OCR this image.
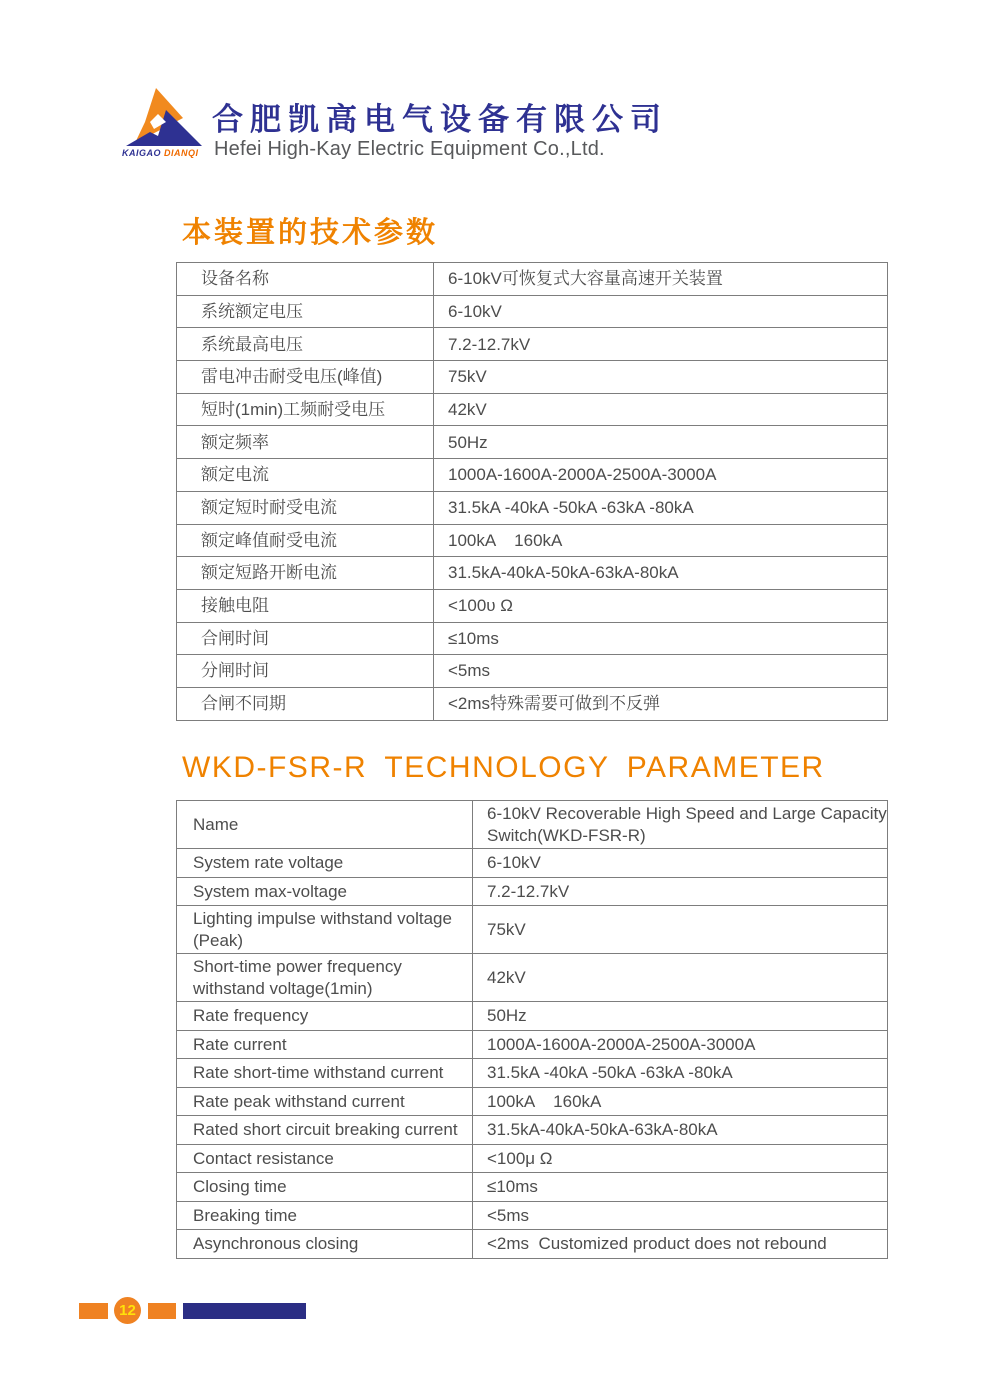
KAIGAO DIANQI
合肥凯高电气设备有限公司
Hefei High-Kay Electric Equipment Co.,Ltd.
本装置的技术参数
设备名称	6-10kV可恢复式大容量高速开关装置
系统额定电压	6-10kV
系统最高电压	7.2-12.7kV
雷电冲击耐受电压(峰值)	75kV
短时(1min)工频耐受电压	42kV
额定频率	50Hz
额定电流	1000A-1600A-2000A-2500A-3000A
额定短时耐受电流	31.5kA -40kA -50kA -63kA -80kA
额定峰值耐受电流	100kA    160kA
额定短路开断电流	31.5kA-40kA-50kA-63kA-80kA
接触电阻	<100υ Ω
合闸时间	≤10ms
分闸时间	<5ms
合闸不同期	<2ms特殊需要可做到不反弹
WKD-FSR-R TECHNOLOGY PARAMETER
Name	6-10kV Recoverable High Speed and Large Capacity Switch(WKD-FSR-R)
System rate voltage	6-10kV
System max-voltage	7.2-12.7kV
Lighting impulse withstand voltage (Peak)	75kV
Short-time power frequency withstand voltage(1min)	42kV
Rate frequency	50Hz
Rate current	1000A-1600A-2000A-2500A-3000A
Rate short-time withstand current	31.5kA -40kA -50kA -63kA -80kA
Rate peak withstand current	100kA    160kA
Rated short circuit breaking current	31.5kA-40kA-50kA-63kA-80kA
Contact resistance	<100μ Ω
Closing time	≤10ms
Breaking time	<5ms
Asynchronous closing	<2ms  Customized product does not rebound
12
